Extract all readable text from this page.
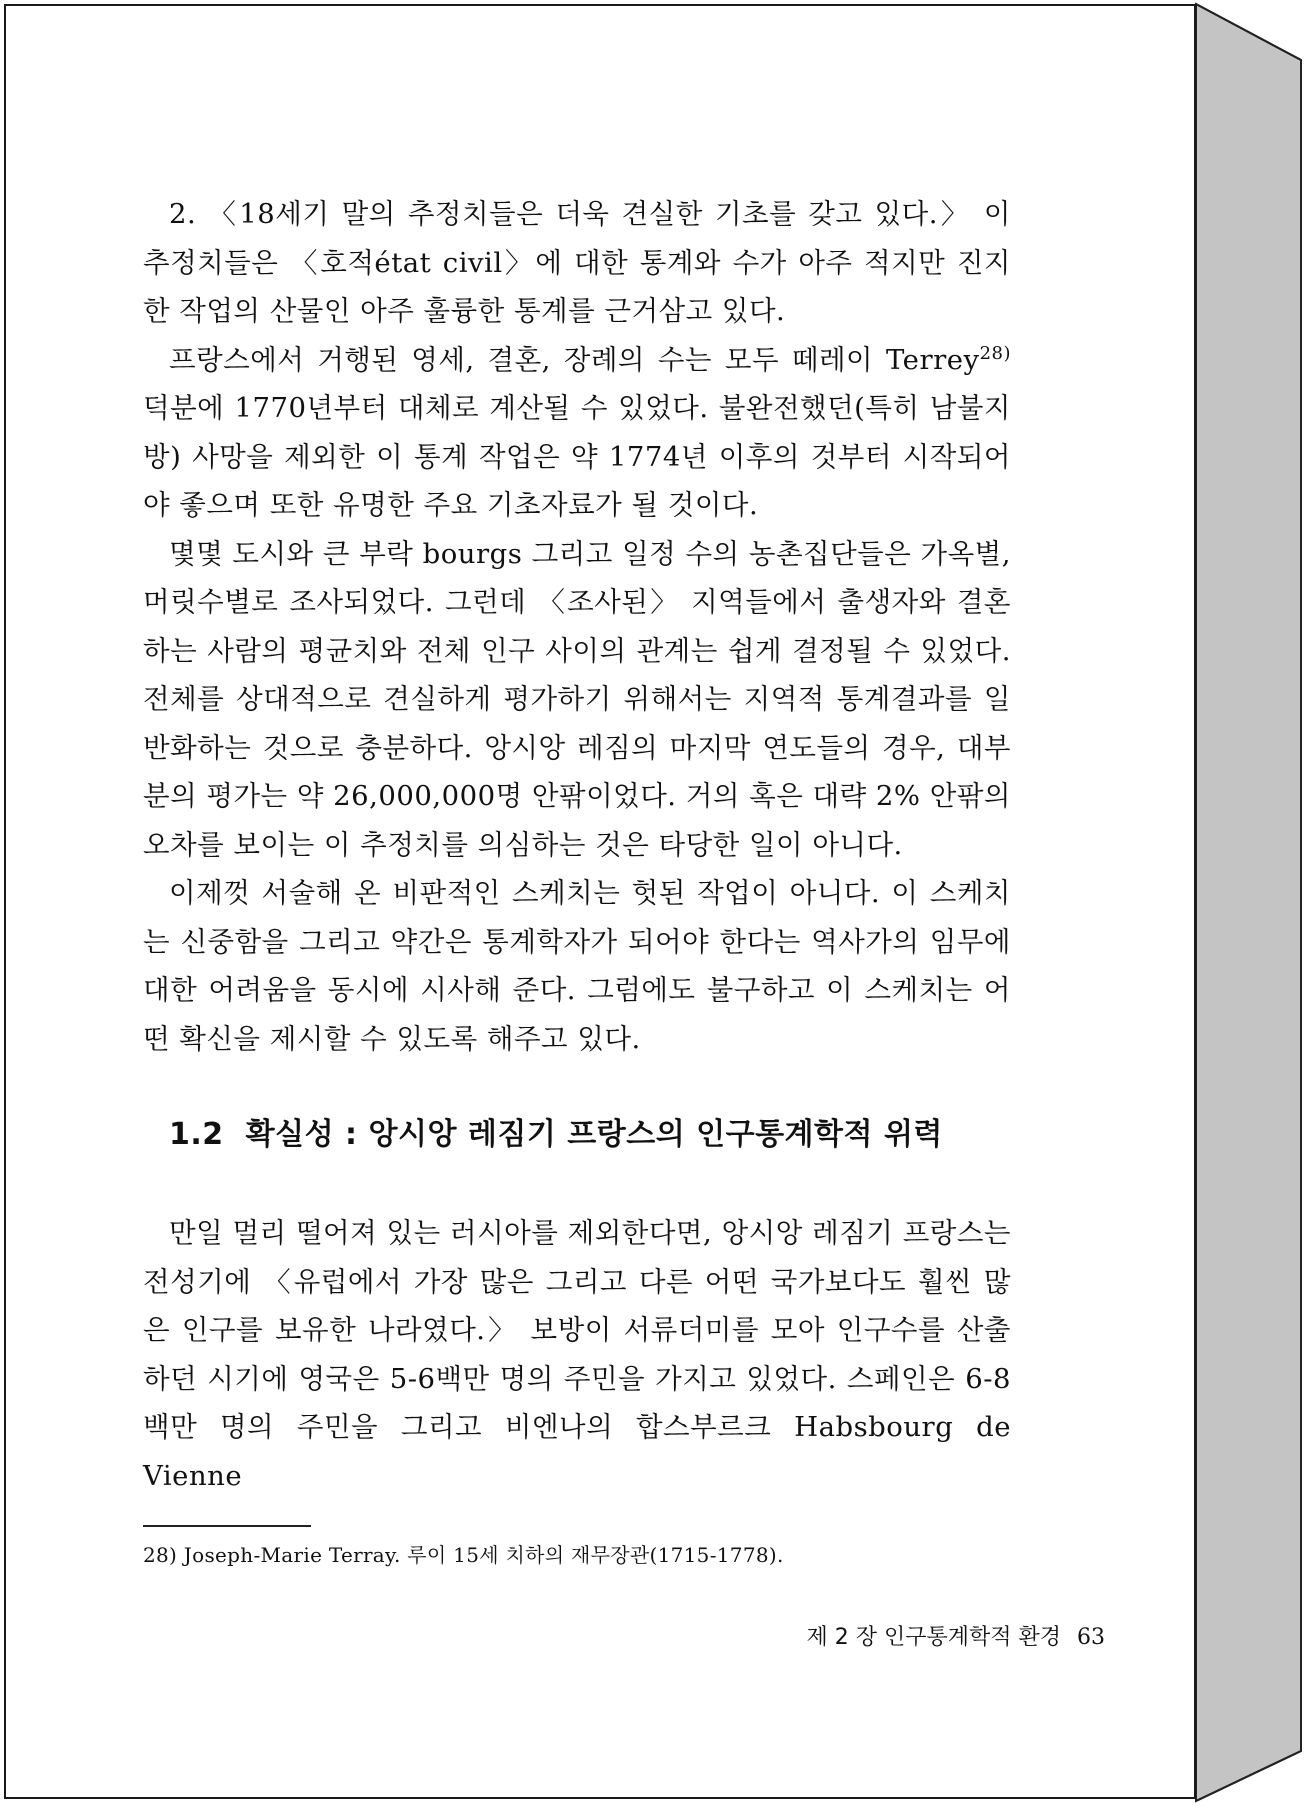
2. 〈18세기 말의 추정치들은 더욱 견실한 기초를 갖고 있다.〉 이 추정치들은 〈호적état civil〉에 대한 통계와 수가 아주 적지만 진지한 작업의 산물인 아주 훌륭한 통계를 근거삼고 있다.

프랑스에서 거행된 영세, 결혼, 장례의 수는 모두 떼레이 Terrey$^{28)}$ 덕분에 1770년부터 대체로 계산될 수 있었다. 불완전했던(특히 남불지방) 사망을 제외한 이 통계 작업은 약 1774년 이후의 것부터 시작되어야 좋으며 또한 유명한 주요 기초자료가 될 것이다.

몇몇 도시와 큰 부락 bourgs 그리고 일정 수의 농촌집단들은 가옥별, 머릿수별로 조사되었다. 그런데 〈조사된〉 지역들에서 출생자와 결혼하는 사람의 평균치와 전체 인구 사이의 관계는 쉽게 결정될 수 있었다. 전체를 상대적으로 견실하게 평가하기 위해서는 지역적 통계결과를 일반화하는 것으로 충분하다. 앙시앙 레짐의 마지막 연도들의 경우, 대부분의 평가는 약 26,000,000명 안팎이었다. 거의 혹은 대략 2% 안팎의 오차를 보이는 이 추정치를 의심하는 것은 타당한 일이 아니다.

이제껏 서술해 온 비판적인 스케치는 헛된 작업이 아니다. 이 스케치는 신중함을 그리고 약간은 통계학자가 되어야 한다는 역사가의 임무에 대한 어려움을 동시에 시사해 준다. 그럼에도 불구하고 이 스케치는 어떤 확신을 제시할 수 있도록 해주고 있다.

1.2 확실성 : 앙시앙 레짐기 프랑스의 인구통계학적 위력

만일 멀리 떨어져 있는 러시아를 제외한다면, 앙시앙 레짐기 프랑스는 전성기에 〈유럽에서 가장 많은 그리고 다른 어떤 국가보다도 훨씬 많은 인구를 보유한 나라였다.〉 보방이 서류더미를 모아 인구수를 산출하던 시기에 영국은 5-6백만 명의 주민을 가지고 있었다. 스페인은 6-8백만 명의 주민을 그리고 비엔나의 합스부르크 Habsbourg de Vienne

28) Joseph-Marie Terray. 루이 15세 치하의 재무장관(1715-1778).
제 2 장 인구통계학적 환경 63
